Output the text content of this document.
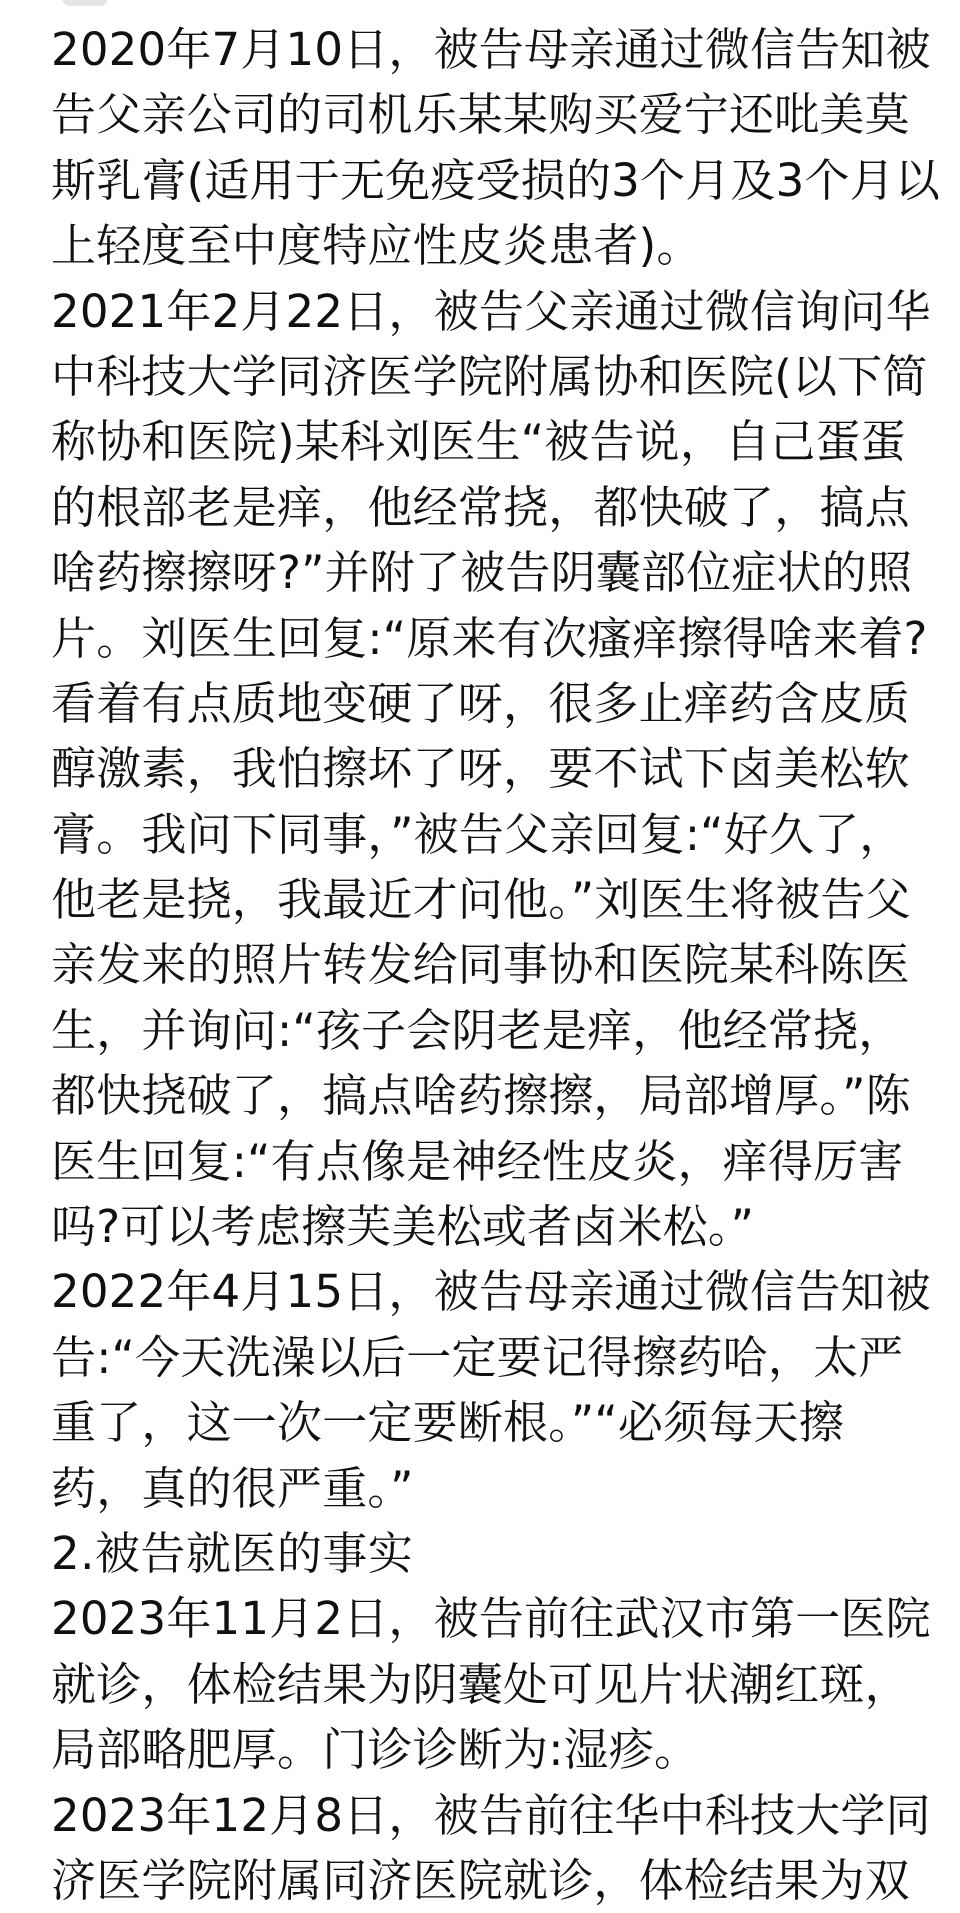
2020年7月10日，被告母亲通过微信告知被
告父亲公司的司机乐某某购买爱宁还吡美莫
斯乳膏(适用于无免疫受损的3个月及3个月以
上轻度至中度特应性皮炎患者)。
2021年2月22日，被告父亲通过微信询问华
中科技大学同济医学院附属协和医院(以下简
称协和医院)某科刘医生“被告说，自己蛋蛋
的根部老是痒，他经常挠，都快破了，搞点
啥药擦擦呀?”并附了被告阴囊部位症状的照
片。刘医生回复:“原来有次瘙痒擦得啥来着?
看着有点质地变硬了呀，很多止痒药含皮质
醇激素，我怕擦坏了呀，要不试下卤美松软
膏。我问下同事，”被告父亲回复:“好久了，
他老是挠，我最近才问他。”刘医生将被告父
亲发来的照片转发给同事协和医院某科陈医
生，并询问:“孩子会阴老是痒，他经常挠，
都快挠破了，搞点啥药擦擦，局部增厚。”陈
医生回复:“有点像是神经性皮炎，痒得厉害
吗?可以考虑擦芙美松或者卤米松。”
2022年4月15日，被告母亲通过微信告知被
告:“今天洗澡以后一定要记得擦药哈，太严
重了，这一次一定要断根。”“必须每天擦
药，真的很严重。”
2.被告就医的事实
2023年11月2日，被告前往武汉市第一医院
就诊，体检结果为阴囊处可见片状潮红斑，
局部略肥厚。门诊诊断为:湿疹。
2023年12月8日，被告前往华中科技大学同
济医学院附属同济医院就诊，体检结果为双
